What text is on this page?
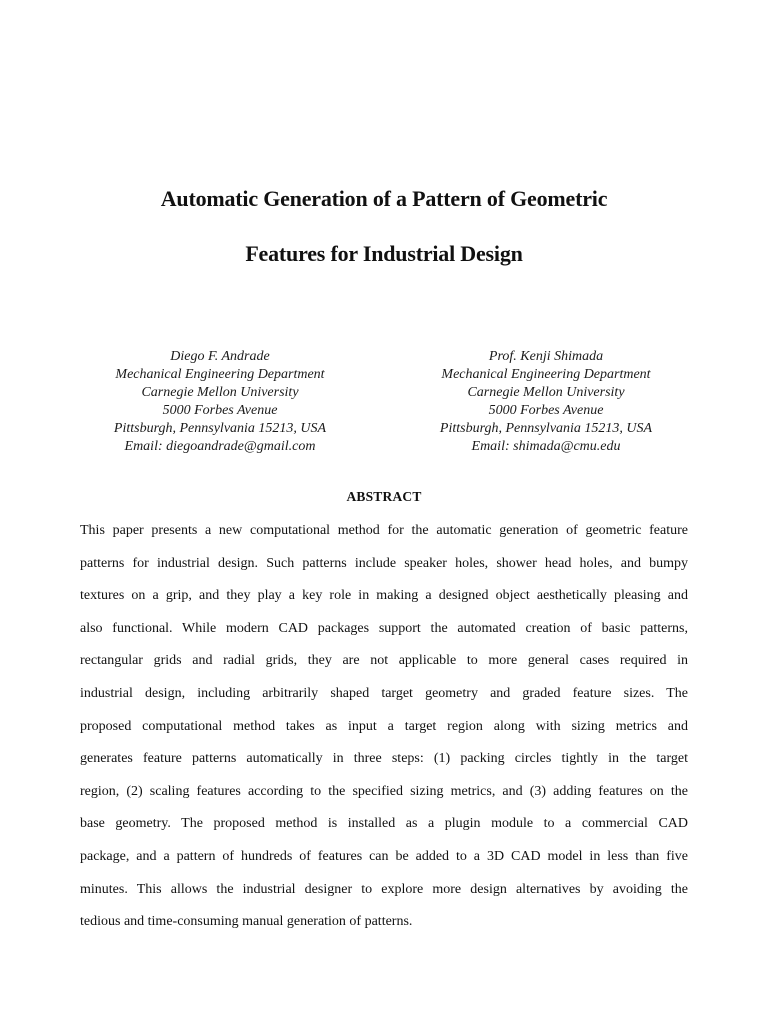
Automatic Generation of a Pattern of Geometric
Features for Industrial Design
Diego F. Andrade
Mechanical Engineering Department
Carnegie Mellon University
5000 Forbes Avenue
Pittsburgh, Pennsylvania 15213, USA
Email: diegoandrade@gmail.com
Prof. Kenji Shimada
Mechanical Engineering Department
Carnegie Mellon University
5000 Forbes Avenue
Pittsburgh, Pennsylvania 15213, USA
Email: shimada@cmu.edu
ABSTRACT
This paper presents a new computational method for the automatic generation of geometric feature
patterns for industrial design. Such patterns include speaker holes, shower head holes, and bumpy
textures on a grip, and they play a key role in making a designed object aesthetically pleasing and
also functional. While modern CAD packages support the automated creation of basic patterns,
rectangular grids and radial grids, they are not applicable to more general cases required in
industrial design, including arbitrarily shaped target geometry and graded feature sizes. The
proposed computational method takes as input a target region along with sizing metrics and
generates feature patterns automatically in three steps: (1) packing circles tightly in the target
region, (2) scaling features according to the specified sizing metrics, and (3) adding features on the
base geometry. The proposed method is installed as a plugin module to a commercial CAD
package, and a pattern of hundreds of features can be added to a 3D CAD model in less than five
minutes. This allows the industrial designer to explore more design alternatives by avoiding the
tedious and time-consuming manual generation of patterns.
